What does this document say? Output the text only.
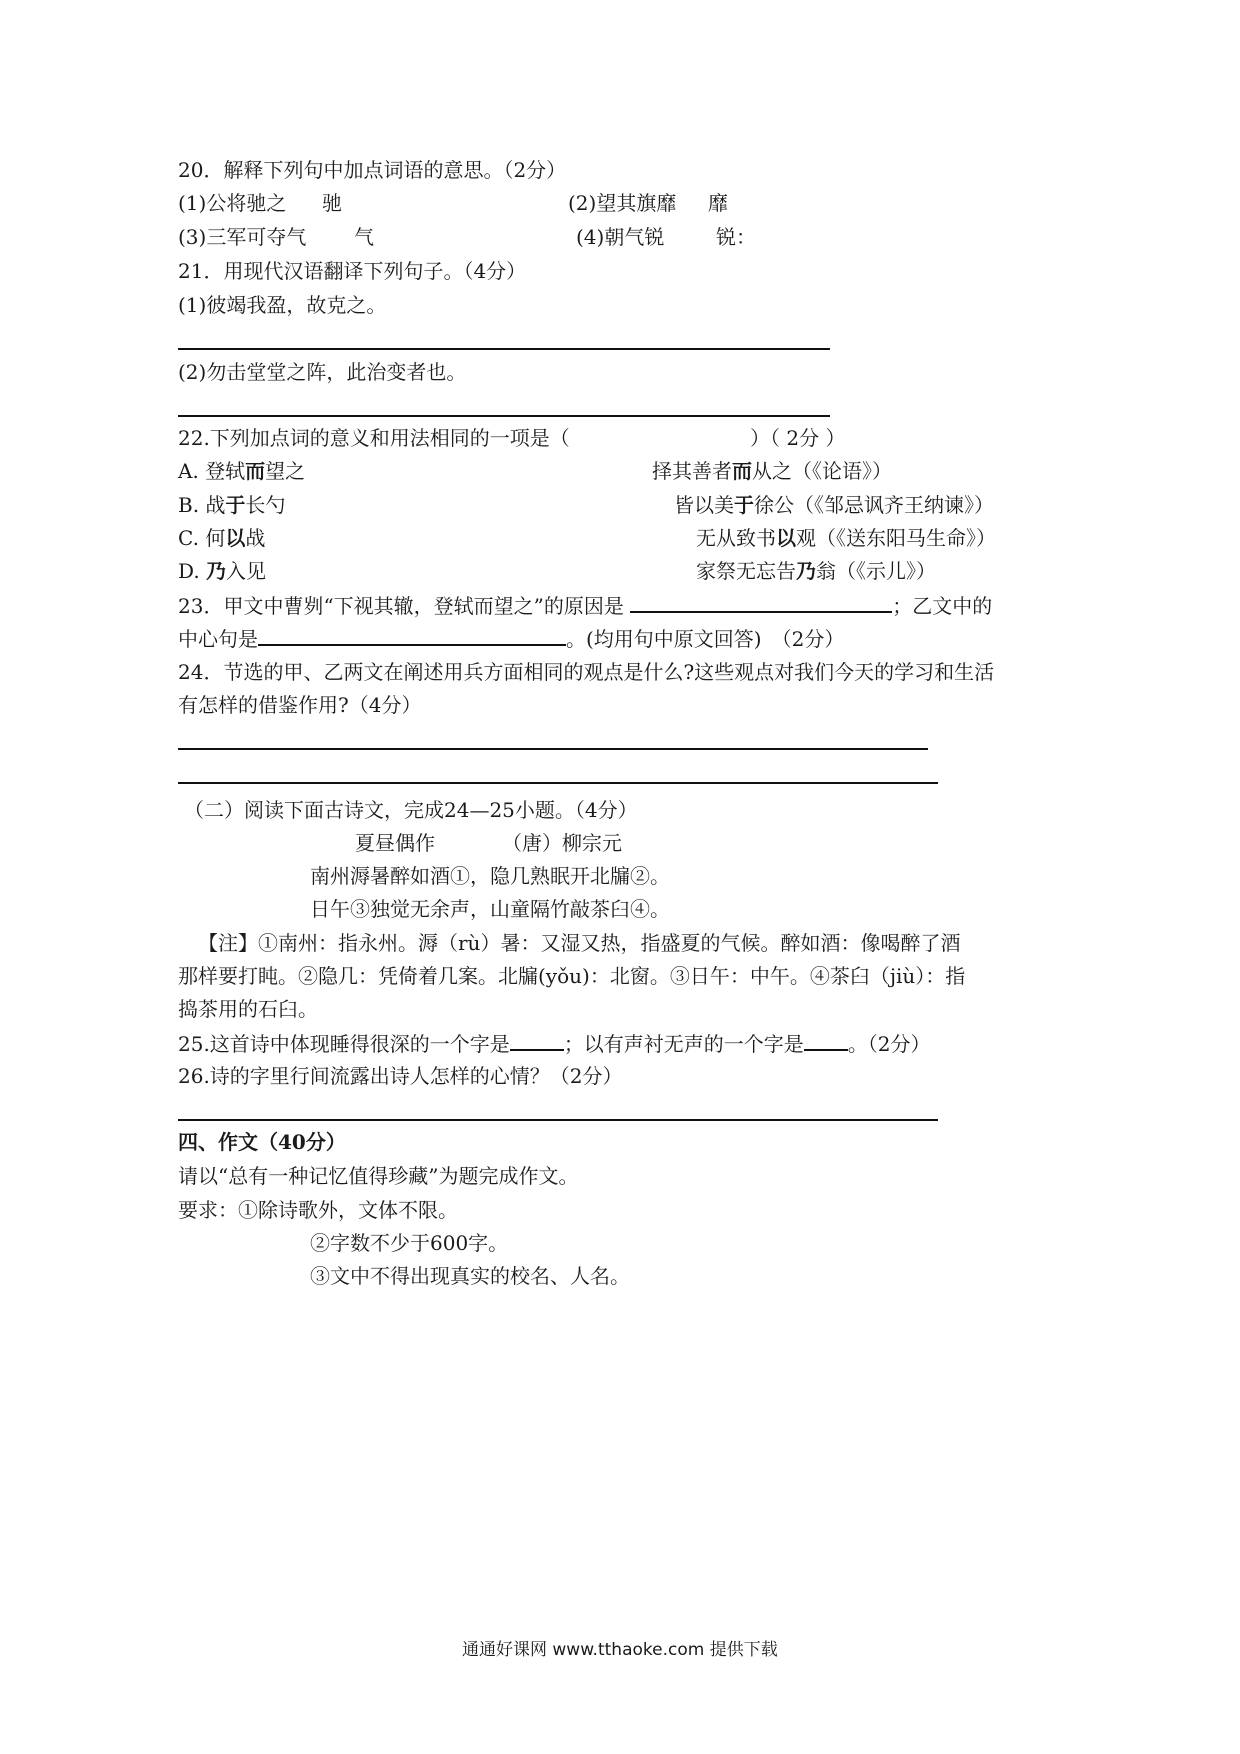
20．解释下列句中加点词语的意思。（2分）
(1)公将驰之 驰	(2)望其旗靡 靡
(3)三军可夺气 气	(4)朝气锐	锐：
21．用现代汉语翻译下列句子。（4分）
(1)彼竭我盈，故克之。
(2)勿击堂堂之阵，此治变者也。
22.下列加点词的意义和用法相同的一项是（	）（ 2分 ）
A. 登轼而望之	择其善者而从之（《论语》）
B. 战于长勺	皆以美于徐公（《邹忌讽齐王纳谏》）
C. 何以战	无从致书以观（《送东阳马生命》）
D. 乃入见	家祭无忘告乃翁（《示儿》）
23．甲文中曹刿“下视其辙，登轼而望之”的原因是	；乙文中的
中心句是	。(均用句中原文回答)　（2分）
24．节选的甲、乙两文在阐述用兵方面相同的观点是什么?这些观点对我们今天的学习和生活
有怎样的借鉴作用?（4分）
（二）阅读下面古诗文，完成24—25小题。（4分）
夏昼偶作	（唐）柳宗元
南州溽暑醉如酒①，隐几熟眠开北牖②。
日午③独觉无余声，山童隔竹敲茶臼④。
【注】①南州：指永州。溽（rù）暑：又湿又热，指盛夏的气候。醉如酒：像喝醉了酒
那样要打盹。②隐几：凭倚着几案。北牖(yǒu)：北窗。③日午：中午。④茶臼（jiù）：指
捣茶用的石臼。
25.这首诗中体现睡得很深的一个字是	；以有声衬无声的一个字是 。（2分）
26.诗的字里行间流露出诗人怎样的心情？（2分）
四、作文（40分）
请以“总有一种记忆值得珍藏”为题完成作文。
要求：①除诗歌外，文体不限。
②字数不少于600字。
③文中不得出现真实的校名、人名。
通通好课网 www.tthaoke.com 提供下载
